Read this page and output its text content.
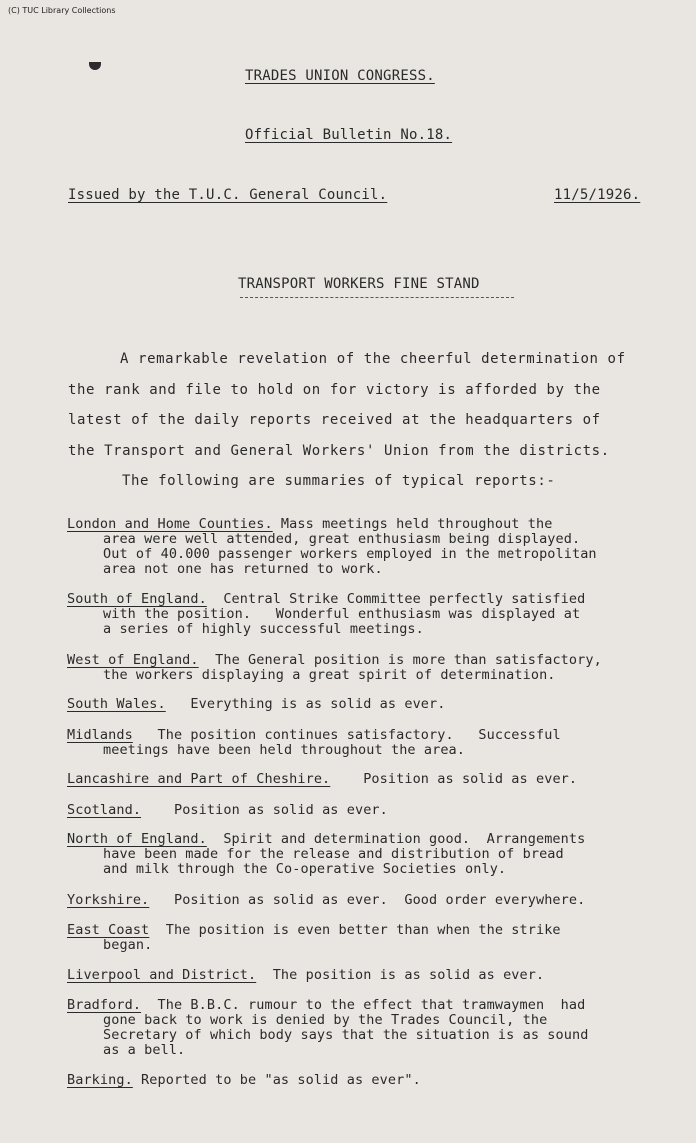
(C) TUC Library Collections
TRADES UNION CONGRESS.
Official Bulletin No.18.
Issued by the T.U.C. General Council.	11/5/1926.
TRANSPORT WORKERS FINE STAND
A remarkable revelation of the cheerful determination of
the rank and file to hold on for victory is afforded by the
latest of the daily reports received at the headquarters of
the Transport and General Workers' Union from the districts.
The following are summaries of typical reports:-
London and Home Counties. Mass meetings held throughout the
area were well attended, great enthusiasm being displayed.
Out of 40.000 passenger workers employed in the metropolitan
area not one has returned to work.
South of England.  Central Strike Committee perfectly satisfied
with the position.   Wonderful enthusiasm was displayed at
a series of highly successful meetings.
West of England.  The General position is more than satisfactory,
the workers displaying a great spirit of determination.
South Wales.   Everything is as solid as ever.
Midlands   The position continues satisfactory.   Successful
meetings have been held throughout the area.
Lancashire and Part of Cheshire.    Position as solid as ever.
Scotland.    Position as solid as ever.
North of England.  Spirit and determination good.  Arrangements
have been made for the release and distribution of bread
and milk through the Co-operative Societies only.
Yorkshire.   Position as solid as ever.  Good order everywhere.
East Coast  The position is even better than when the strike
began.
Liverpool and District.  The position is as solid as ever.
Bradford.  The B.B.C. rumour to the effect that tramwaymen  had
gone back to work is denied by the Trades Council, the
Secretary of which body says that the situation is as sound
as a bell.
Barking. Reported to be "as solid as ever".
